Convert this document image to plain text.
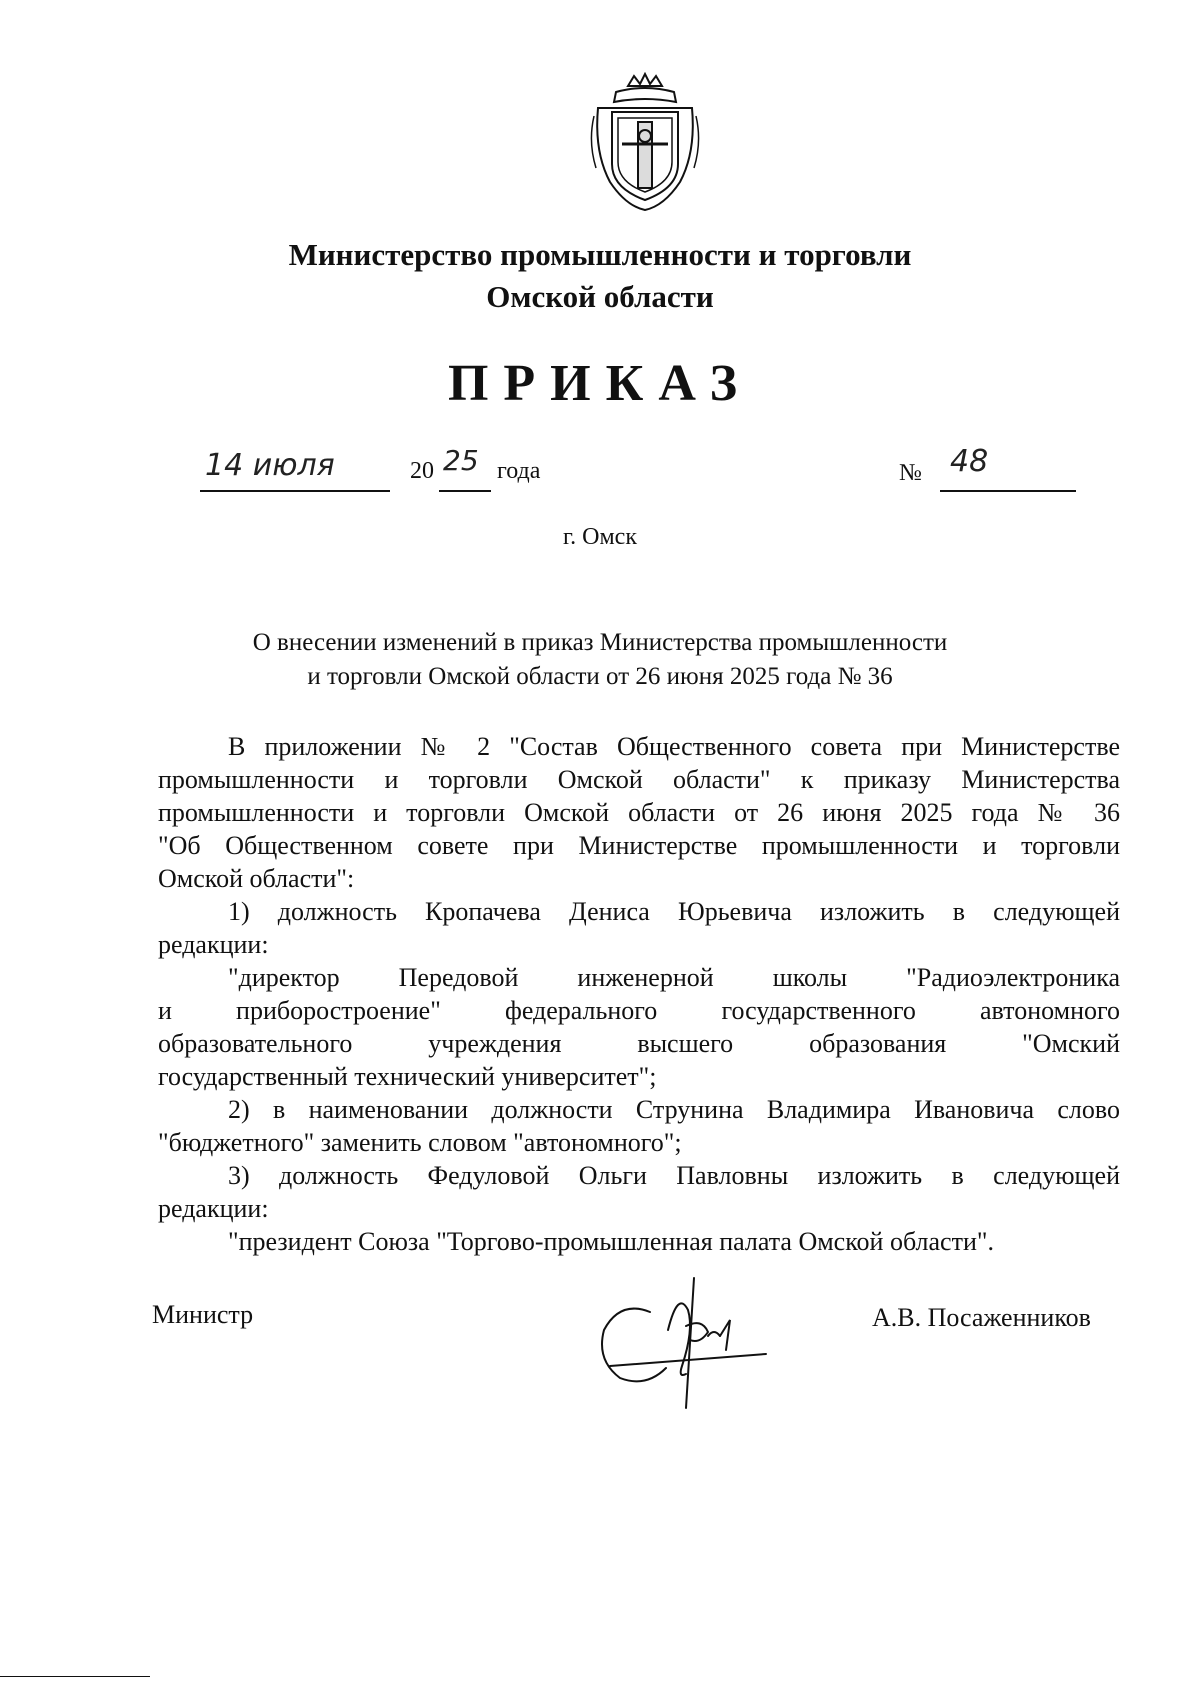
Министерство промышленности и торговли
Омской области
ПРИКАЗ
14 июля	20 25 года	№ 48
г. Омск
О внесении изменений в приказ Министерства промышленности
и торговли Омской области от 26 июня 2025 года № 36
В приложении № 2 "Состав Общественного совета при Министерстве
промышленности и торговли Омской области" к приказу Министерства
промышленности и торговли Омской области от 26 июня 2025 года № 36
"Об Общественном совете при Министерстве промышленности и торговли
Омской области":
1) должность Кропачева Дениса Юрьевича изложить в следующей
редакции:
"директор Передовой инженерной школы "Радиоэлектроника
и приборостроение" федерального государственного автономного
образовательного учреждения высшего образования "Омский
государственный технический университет";
2) в наименовании должности Струнина Владимира Ивановича слово
"бюджетного" заменить словом "автономного";
3) должность Федуловой Ольги Павловны изложить в следующей
редакции:
"президент Союза "Торгово-промышленная палата Омской области".
Министр	А.В. Посаженников
